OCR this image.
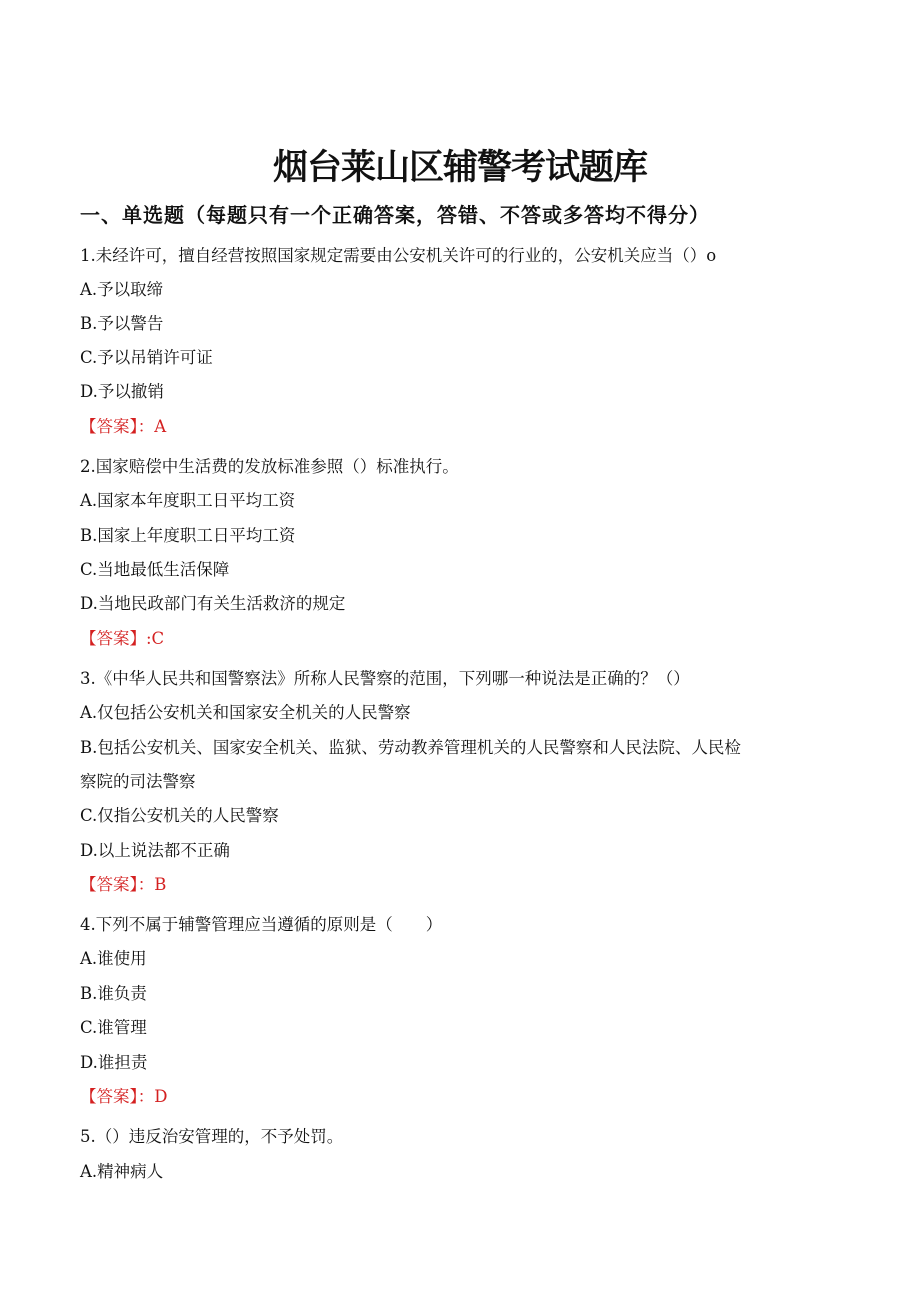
烟台莱山区辅警考试题库
一、单选题（每题只有一个正确答案，答错、不答或多答均不得分）
1.未经许可，擅自经营按照国家规定需要由公安机关许可的行业的，公安机关应当（）o
A.予以取缔
B.予以警告
C.予以吊销许可证
D.予以撤销
【答案】：A
2.国家赔偿中生活费的发放标准参照（）标准执行。
A.国家本年度职工日平均工资
B.国家上年度职工日平均工资
C.当地最低生活保障
D.当地民政部门有关生活救济的规定
【答案】:C
3.《中华人民共和国警察法》所称人民警察的范围，下列哪一种说法是正确的？（）
A.仅包括公安机关和国家安全机关的人民警察
B.包括公安机关、国家安全机关、监狱、劳动教养管理机关的人民警察和人民法院、人民检
察院的司法警察
C.仅指公安机关的人民警察
D.以上说法都不正确
【答案】：B
4.下列不属于辅警管理应当遵循的原则是（　　）
A.谁使用
B.谁负责
C.谁管理
D.谁担责
【答案】：D
5.（）违反治安管理的，不予处罚。
A.精神病人
